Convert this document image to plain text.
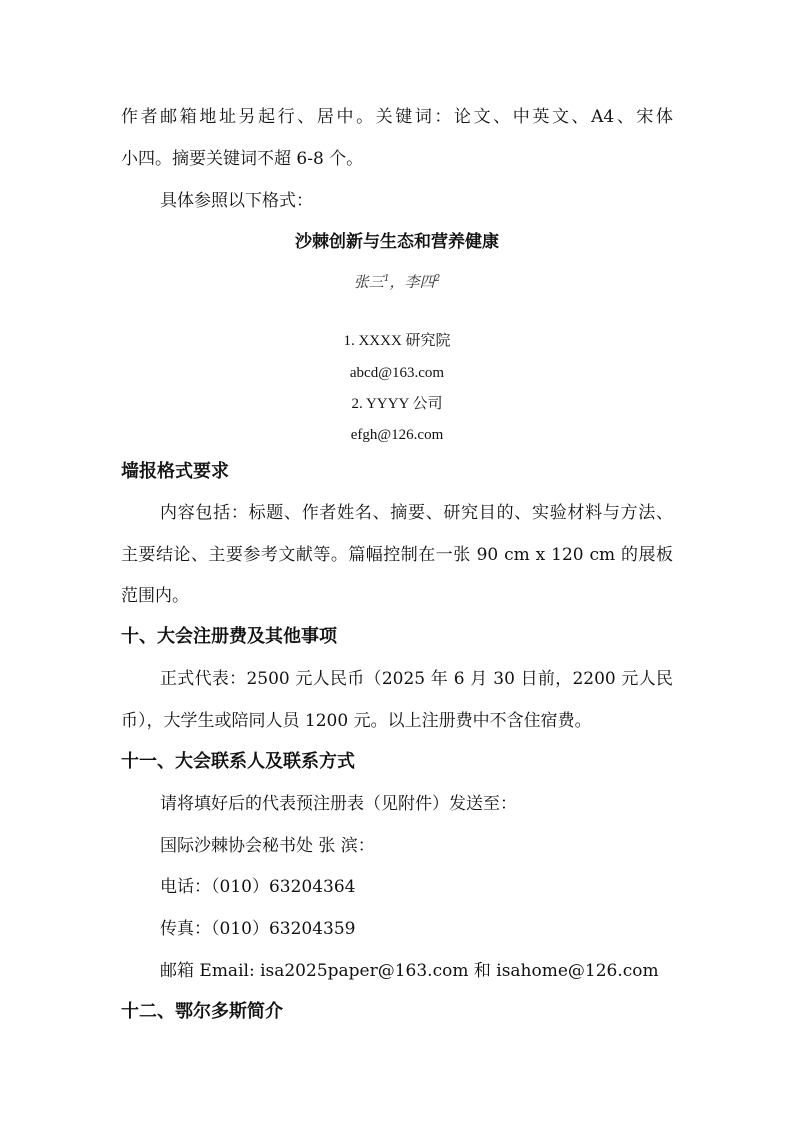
作者邮箱地址另起行、居中。关键词：论文、中英文、A4、宋体
小四。摘要关键词不超 6-8 个。
具体参照以下格式：
沙棘创新与生态和营养健康
张三$^1$，李四$^2$
1. XXXX 研究院
abcd@163.com
2. YYYY 公司
efgh@126.com
墙报格式要求
内容包括：标题、作者姓名、摘要、研究目的、实验材料与方法、
主要结论、主要参考文献等。篇幅控制在一张 90 cm x 120 cm 的展板
范围内。
十、大会注册费及其他事项
正式代表：2500 元人民币（2025 年 6 月 30 日前，2200 元人民
币），大学生或陪同人员 1200 元。以上注册费中不含住宿费。
十一、大会联系人及联系方式
请将填好后的代表预注册表（见附件）发送至：
国际沙棘协会秘书处 张 滨：
电话：（010）63204364
传真：（010）63204359
邮箱 Email: isa2025paper@163.com 和 isahome@126.com
十二、鄂尔多斯简介
